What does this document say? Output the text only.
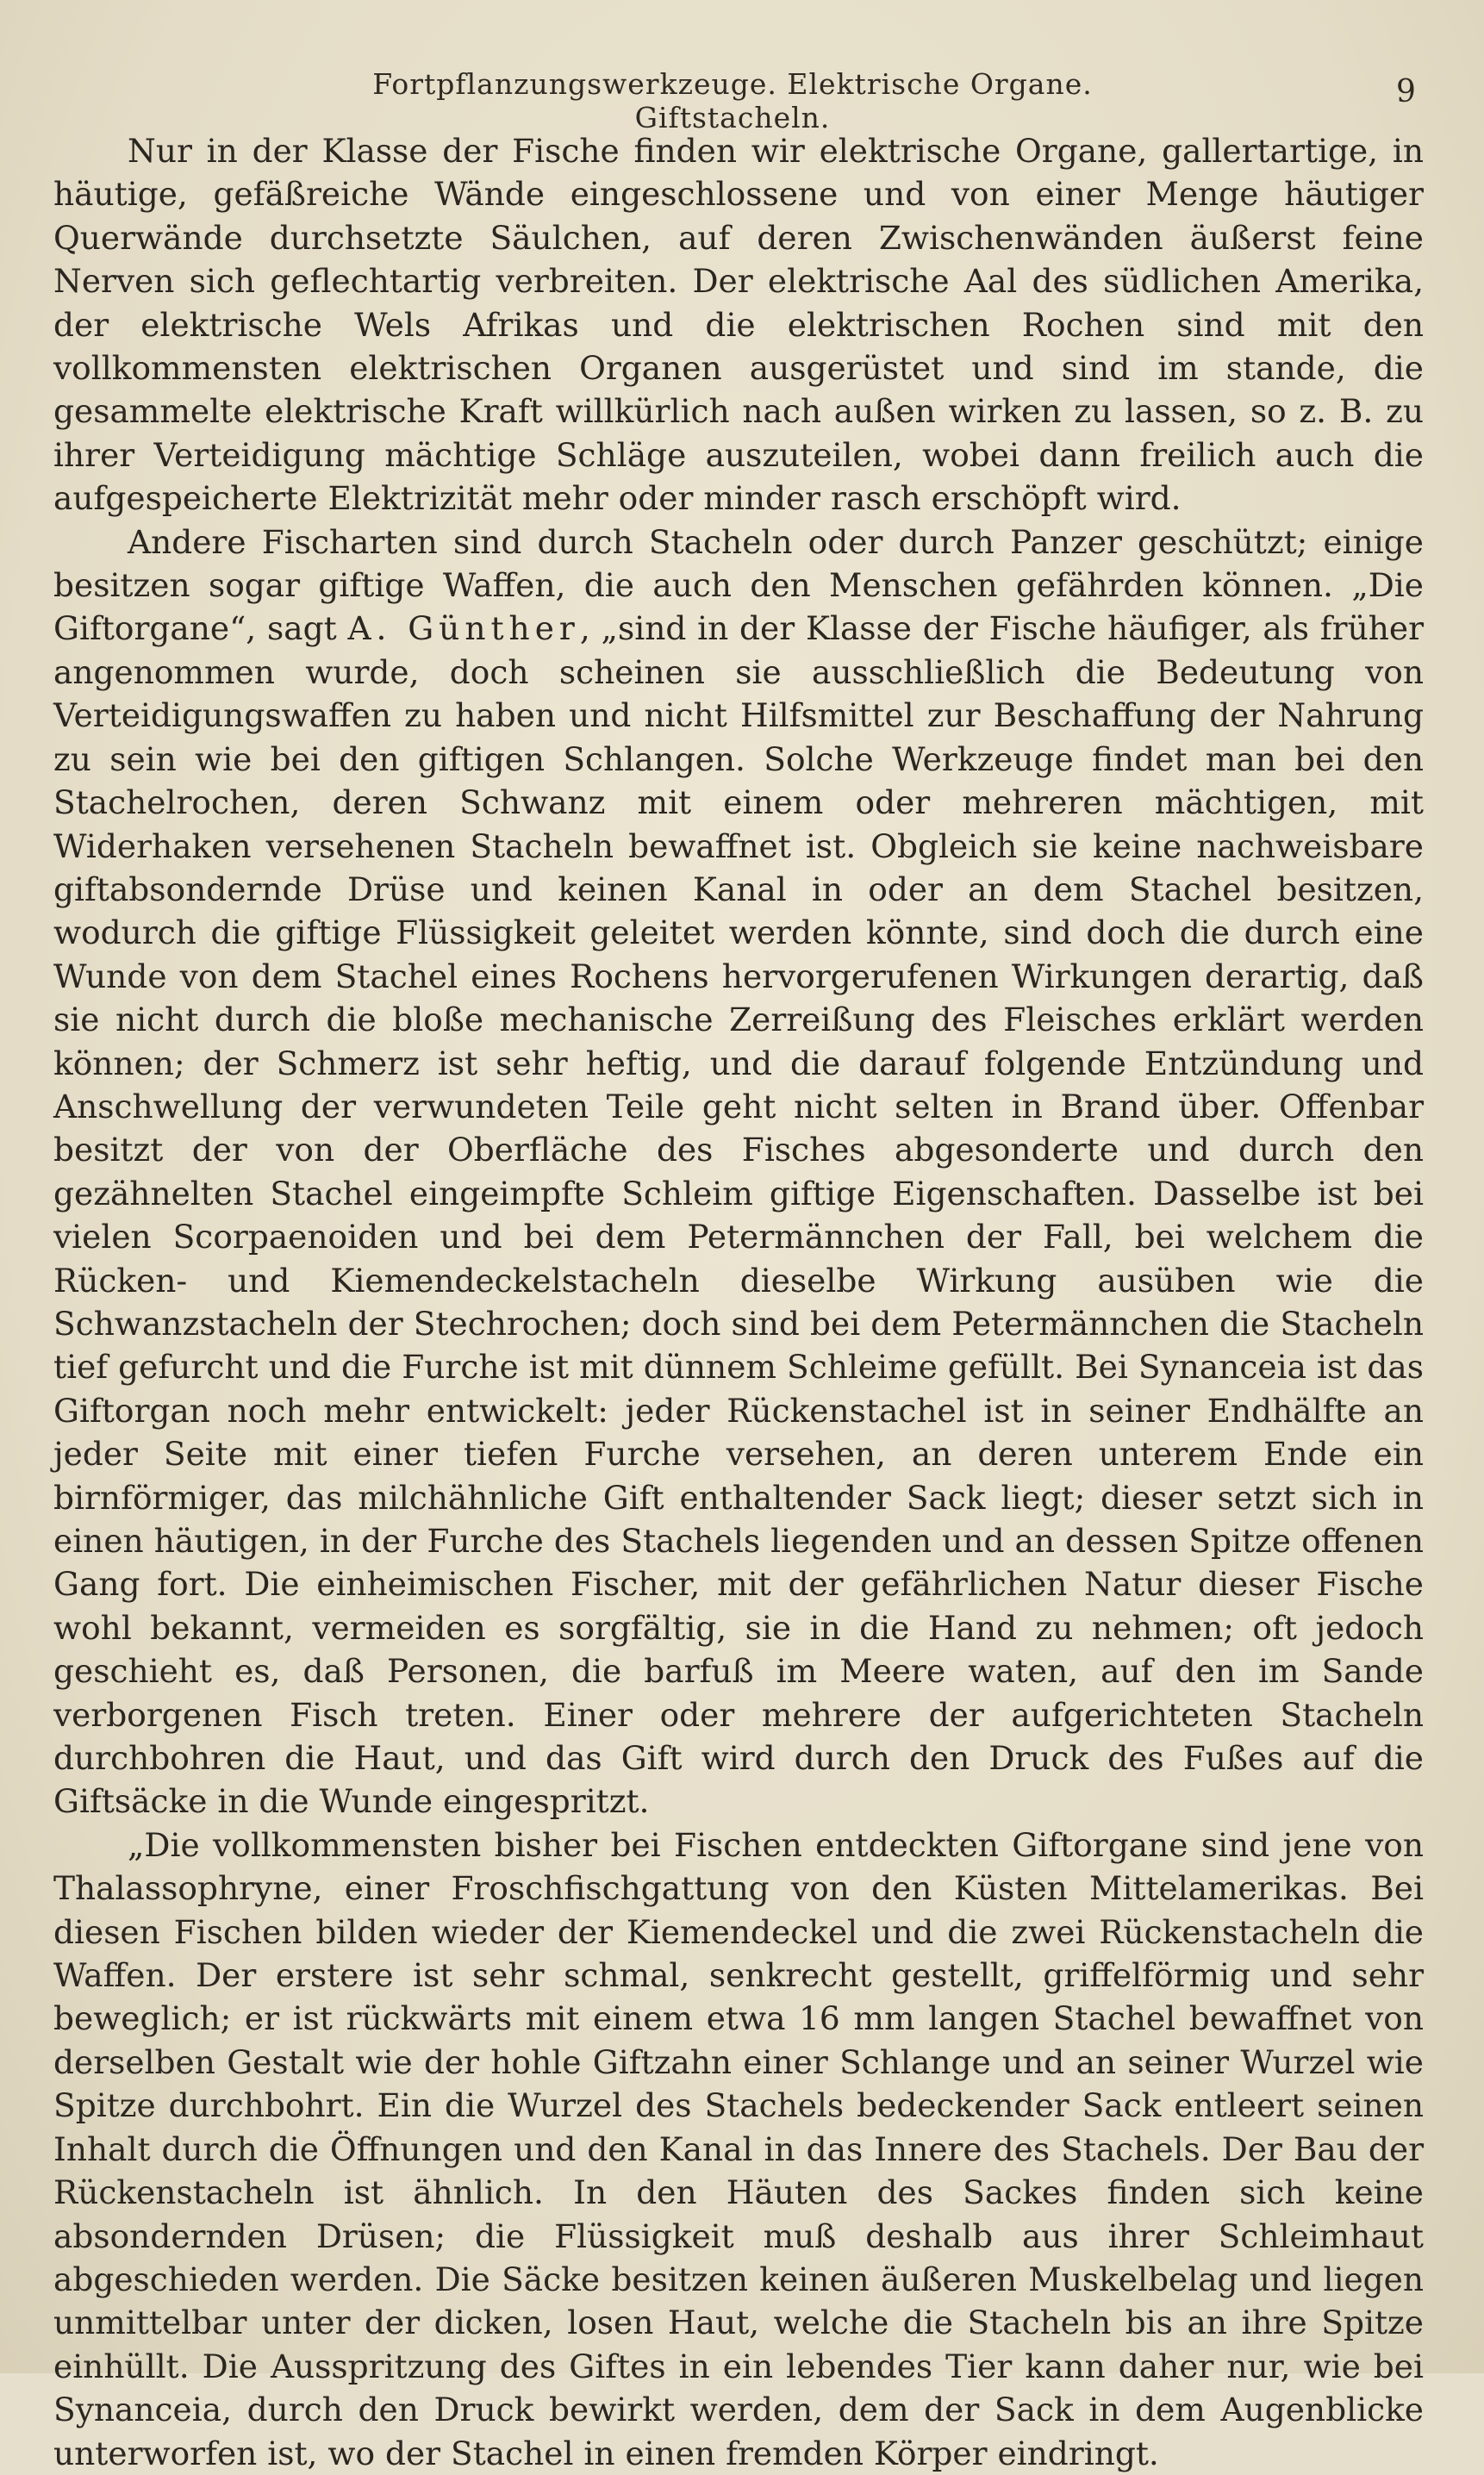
Fortpflanzungswerkzeuge. Elektrische Organe. Giftstacheln.
9

Nur in der Klasse der Fische finden wir elektrische Organe, gallertartige, in häutige, gefäßreiche Wände eingeschlossene und von einer Menge häutiger Querwände durchsetzte Säulchen, auf deren Zwischenwänden äußerst feine Nerven sich geflechtartig verbreiten. Der elektrische Aal des südlichen Amerika, der elektrische Wels Afrikas und die elektrischen Rochen sind mit den vollkommensten elektrischen Organen ausgerüstet und sind im stande, die gesammelte elektrische Kraft willkürlich nach außen wirken zu lassen, so z. B. zu ihrer Verteidigung mächtige Schläge auszuteilen, wobei dann freilich auch die aufgespeicherte Elektrizität mehr oder minder rasch erschöpft wird.

Andere Fischarten sind durch Stacheln oder durch Panzer geschützt; einige besitzen sogar giftige Waffen, die auch den Menschen gefährden können. „Die Giftorgane“, sagt A. Günther, „sind in der Klasse der Fische häufiger, als früher angenommen wurde, doch scheinen sie ausschließlich die Bedeutung von Verteidigungswaffen zu haben und nicht Hilfsmittel zur Beschaffung der Nahrung zu sein wie bei den giftigen Schlangen. Solche Werkzeuge findet man bei den Stachelrochen, deren Schwanz mit einem oder mehreren mächtigen, mit Widerhaken versehenen Stacheln bewaffnet ist. Obgleich sie keine nachweisbare giftabsondernde Drüse und keinen Kanal in oder an dem Stachel besitzen, wodurch die giftige Flüssigkeit geleitet werden könnte, sind doch die durch eine Wunde von dem Stachel eines Rochens hervorgerufenen Wirkungen derartig, daß sie nicht durch die bloße mechanische Zerreißung des Fleisches erklärt werden können; der Schmerz ist sehr heftig, und die darauf folgende Entzündung und Anschwellung der verwundeten Teile geht nicht selten in Brand über. Offenbar besitzt der von der Oberfläche des Fisches abgesonderte und durch den gezähnelten Stachel eingeimpfte Schleim giftige Eigenschaften. Dasselbe ist bei vielen Scorpaenoiden und bei dem Petermännchen der Fall, bei welchem die Rücken- und Kiemendeckelstacheln dieselbe Wirkung ausüben wie die Schwanzstacheln der Stechrochen; doch sind bei dem Petermännchen die Stacheln tief gefurcht und die Furche ist mit dünnem Schleime gefüllt. Bei Synanceia ist das Giftorgan noch mehr entwickelt: jeder Rückenstachel ist in seiner Endhälfte an jeder Seite mit einer tiefen Furche versehen, an deren unterem Ende ein birnförmiger, das milchähnliche Gift enthaltender Sack liegt; dieser setzt sich in einen häutigen, in der Furche des Stachels liegenden und an dessen Spitze offenen Gang fort. Die einheimischen Fischer, mit der gefährlichen Natur dieser Fische wohl bekannt, vermeiden es sorgfältig, sie in die Hand zu nehmen; oft jedoch geschieht es, daß Personen, die barfuß im Meere waten, auf den im Sande verborgenen Fisch treten. Einer oder mehrere der aufgerichteten Stacheln durchbohren die Haut, und das Gift wird durch den Druck des Fußes auf die Giftsäcke in die Wunde eingespritzt.

„Die vollkommensten bisher bei Fischen entdeckten Giftorgane sind jene von Thalassophryne, einer Froschfischgattung von den Küsten Mittelamerikas. Bei diesen Fischen bilden wieder der Kiemendeckel und die zwei Rückenstacheln die Waffen. Der erstere ist sehr schmal, senkrecht gestellt, griffelförmig und sehr beweglich; er ist rückwärts mit einem etwa 16 mm langen Stachel bewaffnet von derselben Gestalt wie der hohle Giftzahn einer Schlange und an seiner Wurzel wie Spitze durchbohrt. Ein die Wurzel des Stachels bedeckender Sack entleert seinen Inhalt durch die Öffnungen und den Kanal in das Innere des Stachels. Der Bau der Rückenstacheln ist ähnlich. In den Häuten des Sackes finden sich keine absondernden Drüsen; die Flüssigkeit muß deshalb aus ihrer Schleimhaut abgeschieden werden. Die Säcke besitzen keinen äußeren Muskelbelag und liegen unmittelbar unter der dicken, losen Haut, welche die Stacheln bis an ihre Spitze einhüllt. Die Ausspritzung des Giftes in ein lebendes Tier kann daher nur, wie bei Synanceia, durch den Druck bewirkt werden, dem der Sack in dem Augenblicke unterworfen ist, wo der Stachel in einen fremden Körper eindringt.
